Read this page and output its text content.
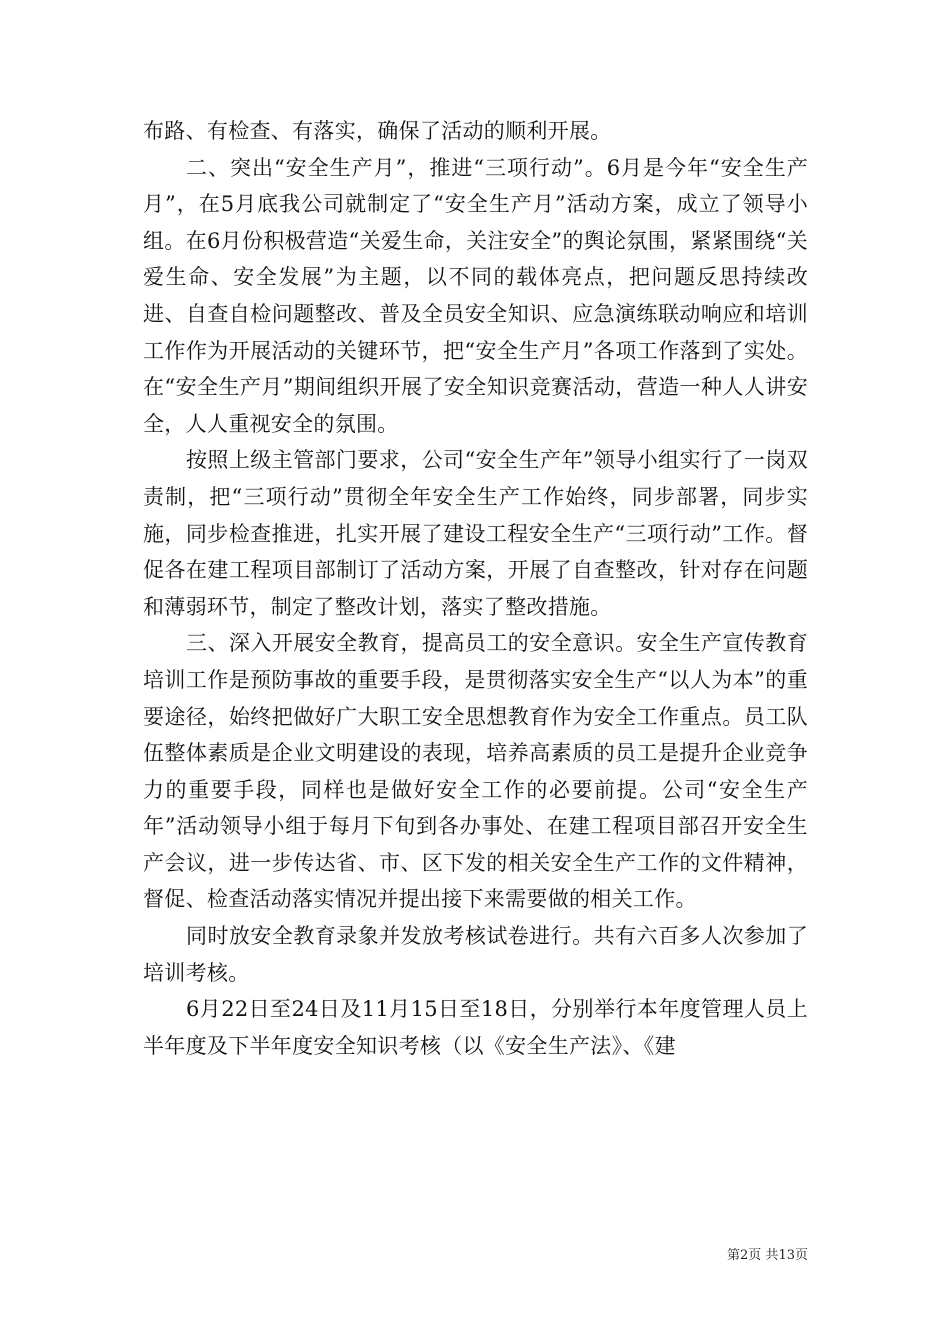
布路、有检查、有落实，确保了活动的顺利开展。

二、突出“安全生产月”，推进“三项行动”。6月是今年“安全生产月”，在5月底我公司就制定了“安全生产月”活动方案，成立了领导小组。在6月份积极营造“关爱生命，关注安全”的舆论氛围，紧紧围绕“关爱生命、安全发展”为主题，以不同的载体亮点，把问题反思持续改进、自查自检问题整改、普及全员安全知识、应急演练联动响应和培训工作作为开展活动的关键环节，把“安全生产月”各项工作落到了实处。在“安全生产月”期间组织开展了安全知识竞赛活动，营造一种人人讲安全，人人重视安全的氛围。

按照上级主管部门要求，公司“安全生产年”领导小组实行了一岗双责制，把“三项行动”贯彻全年安全生产工作始终，同步部署，同步实施，同步检查推进，扎实开展了建设工程安全生产“三项行动”工作。督促各在建工程项目部制订了活动方案，开展了自查整改，针对存在问题和薄弱环节，制定了整改计划，落实了整改措施。

三、深入开展安全教育，提高员工的安全意识。安全生产宣传教育培训工作是预防事故的重要手段，是贯彻落实安全生产“以人为本”的重要途径，始终把做好广大职工安全思想教育作为安全工作重点。员工队伍整体素质是企业文明建设的表现，培养高素质的员工是提升企业竞争力的重要手段，同样也是做好安全工作的必要前提。公司“安全生产年”活动领导小组于每月下旬到各办事处、在建工程项目部召开安全生产会议，进一步传达省、市、区下发的相关安全生产工作的文件精神，督促、检查活动落实情况并提出接下来需要做的相关工作。

同时放安全教育录象并发放考核试卷进行。共有六百多人次参加了培训考核。

6月22日至24日及11月15日至18日，分别举行本年度管理人员上半年度及下半年度安全知识考核（以《安全生产法》、《建

第2页 共13页
